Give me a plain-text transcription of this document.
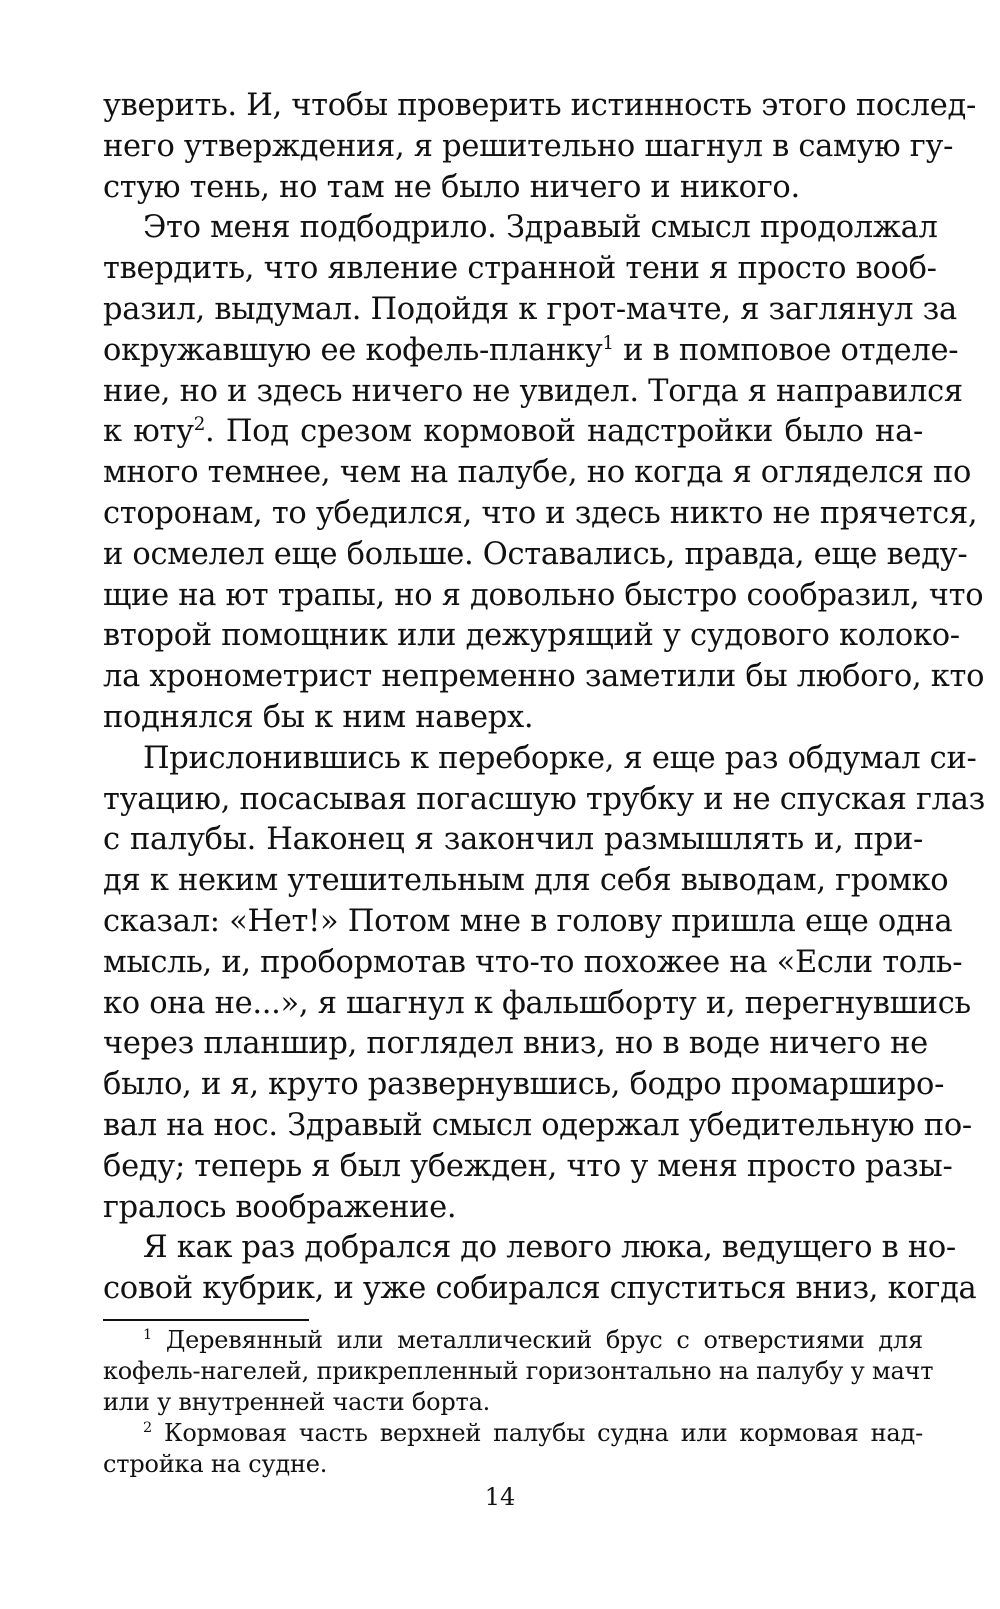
уверить. И, чтобы проверить истинность этого послед-
него утверждения, я решительно шагнул в самую гу-
стую тень, но там не было ничего и никого.

Это меня подбодрило. Здравый смысл продолжал
твердить, что явление странной тени я просто вооб-
разил, выдумал. Подойдя к грот-мачте, я заглянул за
окружавшую ее кофель-планку$^1$ и в помповое отделе-
ние, но и здесь ничего не увидел. Тогда я направился
к юту$^2$. Под срезом кормовой надстройки было на-
много темнее, чем на палубе, но когда я огляделся по
сторонам, то убедился, что и здесь никто не прячется,
и осмелел еще больше. Оставались, правда, еще веду-
щие на ют трапы, но я довольно быстро сообразил, что
второй помощник или дежурящий у судового колоко-
ла хронометрист непременно заметили бы любого, кто
поднялся бы к ним наверх.

Прислонившись к переборке, я еще раз обдумал си-
туацию, посасывая погасшую трубку и не спуская глаз
с палубы. Наконец я закончил размышлять и, при-
дя к неким утешительным для себя выводам, громко
сказал: «Нет!» Потом мне в голову пришла еще одна
мысль, и, пробормотав что-то похожее на «Если толь-
ко она не...», я шагнул к фальшборту и, перегнувшись
через планшир, поглядел вниз, но в воде ничего не
было, и я, круто развернувшись, бодро промарширо-
вал на нос. Здравый смысл одержал убедительную по-
беду; теперь я был убежден, что у меня просто разы-
гралось воображение.

Я как раз добрался до левого люка, ведущего в но-
совой кубрик, и уже собирался спуститься вниз, когда

$^1$ Деревянный или металлический брус с отверстиями для
кофель-нагелей, прикрепленный горизонтально на палубу у мачт
или у внутренней части борта.
$^2$ Кормовая часть верхней палубы судна или кормовая над-
стройка на судне.
14
